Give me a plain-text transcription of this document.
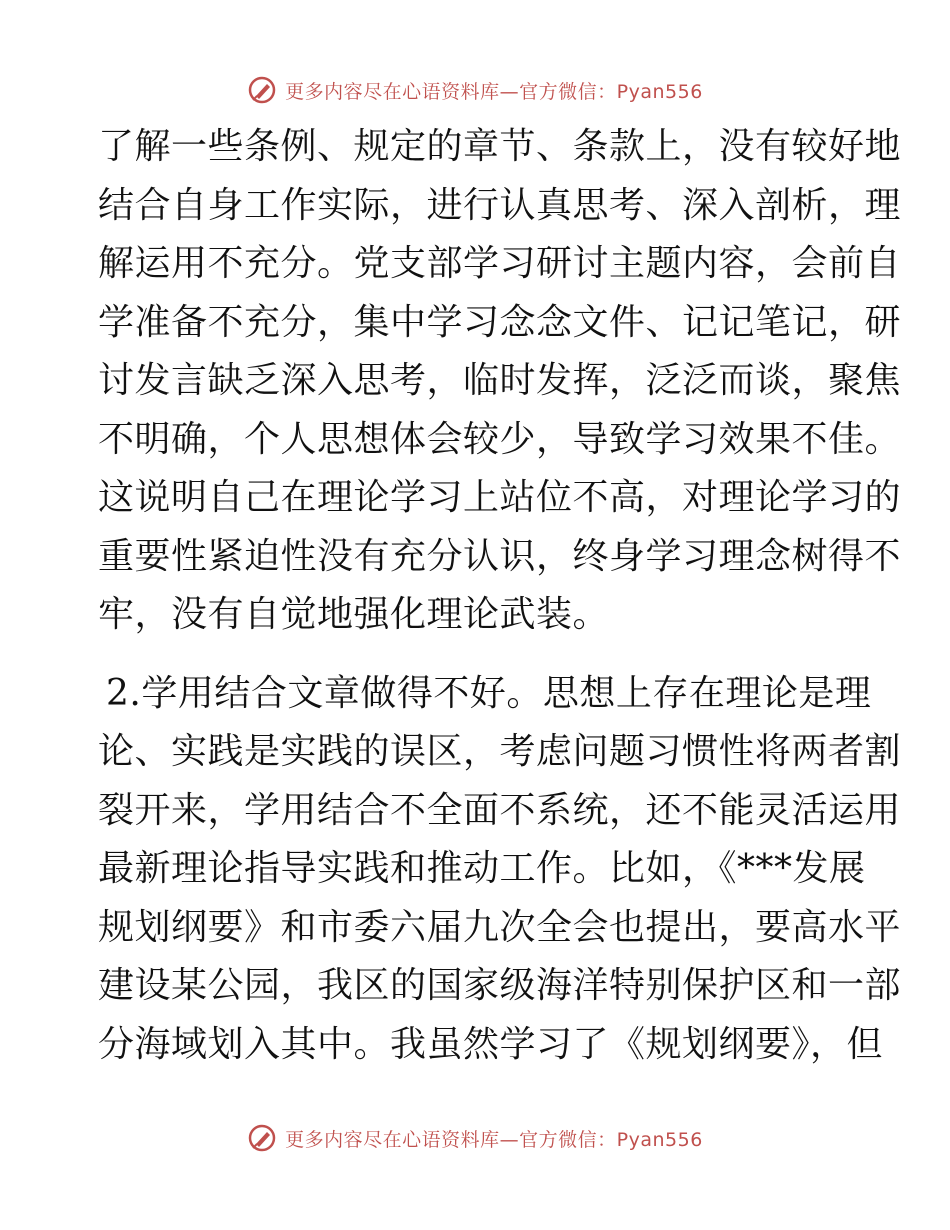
更多内容尽在心语资料库—官方微信：Pyan556
了解一些条例、规定的章节、条款上，没有较好地
结合自身工作实际，进行认真思考、深入剖析，理
解运用不充分。党支部学习研讨主题内容，会前自
学准备不充分，集中学习念念文件、记记笔记，研
讨发言缺乏深入思考，临时发挥，泛泛而谈，聚焦
不明确，个人思想体会较少，导致学习效果不佳。
这说明自己在理论学习上站位不高，对理论学习的
重要性紧迫性没有充分认识，终身学习理念树得不
牢，没有自觉地强化理论武装。
2.学用结合文章做得不好。思想上存在理论是理
论、实践是实践的误区，考虑问题习惯性将两者割
裂开来，学用结合不全面不系统，还不能灵活运用
最新理论指导实践和推动工作。比如，《***发展
规划纲要》和市委六届九次全会也提出，要高水平
建设某公园，我区的国家级海洋特别保护区和一部
分海域划入其中。我虽然学习了《规划纲要》，但
更多内容尽在心语资料库—官方微信：Pyan556
